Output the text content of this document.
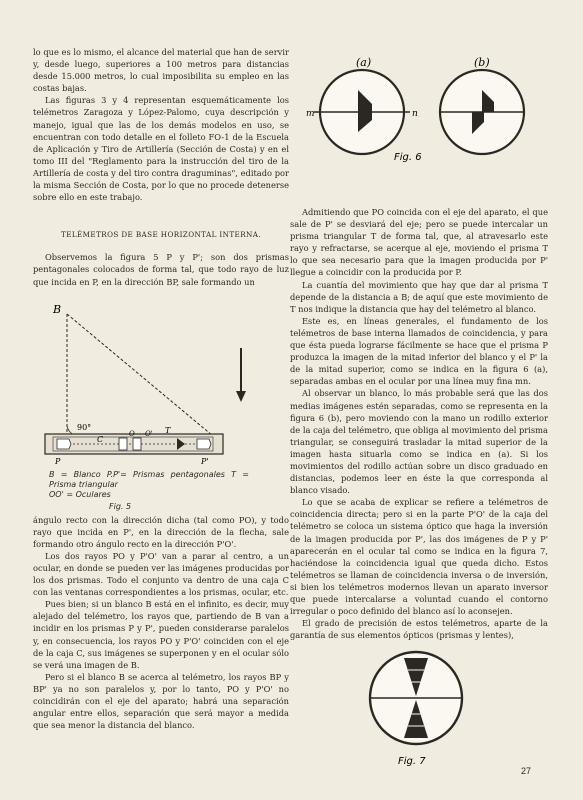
lo que es lo mismo, el alcance del material que han de servir y, desde luego, superiores a 100 metros para distancias desde 15.000 metros, lo cual imposibilita su empleo en las costas bajas.

Las figuras 3 y 4 representan esquemáticamente los telémetros Zaragoza y López-Palomo, cuya descripción y manejo, igual que las de los demás modelos en uso, se encuentran con todo detalle en el folleto FO-1 de la Escuela de Aplicación y Tiro de Artillería (Sección de Costa) y en el tomo III del "Reglamento para la instrucción del tiro de la Artillería de costa y del tiro contra draguminas", editado por la misma Sección de Costa, por lo que no procede detenerse sobre ello en este trabajo.

TELÉMETROS DE BASE HORIZONTAL INTERNA.

Observemos la figura 5 P y P'; son dos prismas pentagonales colocados de forma tal, que todo rayo de luz que incida en P, en la dirección BP, sale formando un

B
90°	T
C
O O'
P	P'
B = Blanco P.P'= Prismas pentagonales T = Prisma triangular
OO' = Oculares
Fig. 5

ángulo recto con la dirección dicha (tal como PO), y todo rayo que incida en P', en la dirección de la flecha, sale formando otro ángulo recto en la dirección P'O'.

Los dos rayos PO y P'O' van a parar al centro, a un ocular, en donde se pueden ver las imágenes producidas por los dos prismas. Todo el conjunto va dentro de una caja C con las ventanas correspondientes a los prismas, ocular, etc.

Pues bien; si un blanco B está en el infinito, es decir, muy alejado del telémetro, los rayos que, partiendo de B van a incidir en los prismas P y P', pueden considerarse paralelos y, en consecuencia, los rayos PO y P'O' coinciden con el eje de la caja C, sus imágenes se superponen y en el ocular sólo se verá una imagen de B.

Pero si el blanco B se acerca al telémetro, los rayos BP y BP' ya no son paralelos y, por lo tanto, PO y P'O' no coincidirán con el eje del aparato; habrá una separación angular entre ellos, separación que será mayor a medida que sea menor la distancia del blanco.

(a)	(b)
m	n
Fig. 6

Admitiendo que PO coincida con el eje del aparato, el que sale de P' se desviará del eje; pero se puede intercalar un prisma triangular T de forma tal, que, al atravesarlo este rayo y refractarse, se acerque al eje, moviendo el prisma T lo que sea necesario para que la imagen producida por P' llegue a coincidir con la producida por P.

La cuantía del movimiento que hay que dar al prisma T depende de la distancia a B; de aquí que este movimiento de T nos indique la distancia que hay del telémetro al blanco.

Este es, en líneas generales, el fundamento de los telémetros de base interna llamados de coincidencia, y para que ésta pueda lograrse fácilmente se hace que el prisma P produzca la imagen de la mitad inferior del blanco y el P' la de la mitad superior, como se indica en la figura 6 (a), separadas ambas en el ocular por una línea muy fina mn.

Al observar un blanco, lo más probable será que las dos medias imágenes estén separadas, como se representa en la figura 6 (b), pero moviendo con la mano un rodillo exterior de la caja del telémetro, que obliga al movimiento del prisma triangular, se conseguirá trasladar la mitad superior de la imagen hasta situarla como se indica en (a). Si los movimientos del rodillo actúan sobre un disco graduado en distancias, podemos leer en éste la que corresponda al blanco visado.

Lo que se acaba de explicar se refiere a telémetros de coincidencia directa; pero si en la parte P'O' de la caja del telémetro se coloca un sistema óptico que haga la inversión de la imagen producida por P', las dos imágenes de P y P' aparecerán en el ocular tal como se indica en la figura 7, haciéndose la coincidencia igual que queda dicho. Estos telémetros se llaman de coincidencia inversa o de inversión, si bien los telémetros modernos llevan un aparato inversor que puede intercalarse a voluntad cuando el contorno irregular o poco definido del blanco así lo aconsejen.

El grado de precisión de estos telémetros, aparte de la garantía de sus elementos ópticos (prismas y lentes),

Fig. 7
27
